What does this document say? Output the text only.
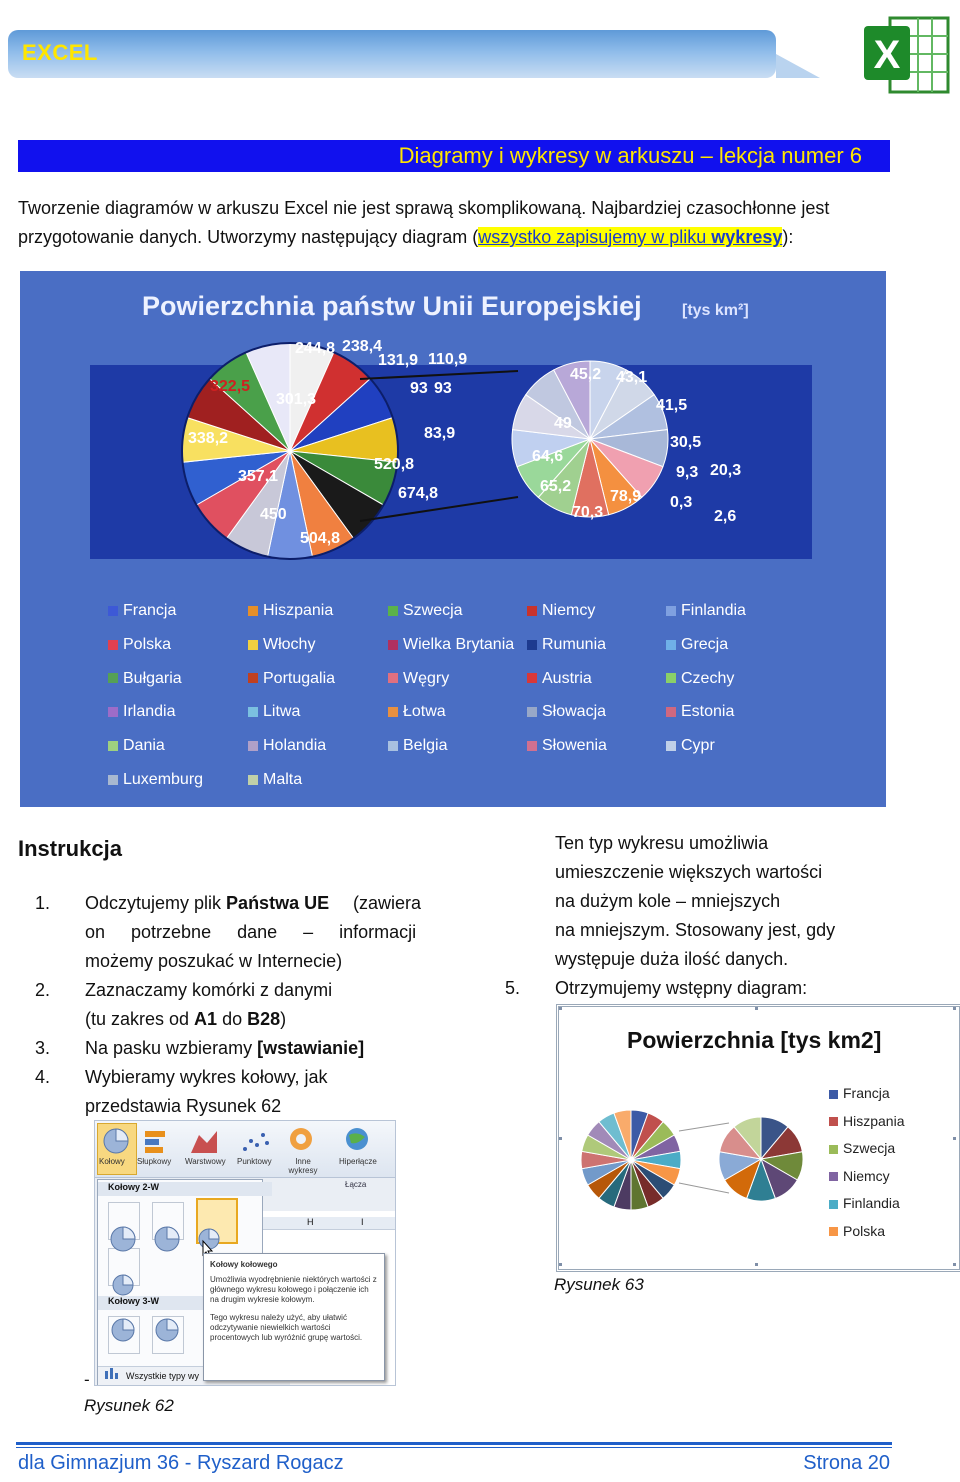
EXCEL	X
Diagramy i wykresy w arkuszu – lekcja numer 6
Tworzenie diagramów w arkuszu Excel nie jest sprawą skomplikowaną. Najbardziej czasochłonne jest
przygotowanie danych. Utworzymy następujący diagram (wszystko zapisujemy w pliku wykresy):
Powierzchnia państw Unii Europejskiej	[tys km²]
244,8 238,4
131,9 110,9
322,5
301,3
93 93
338,2	83,9
357,1
520,8
674,8
450
504,8
45,2 43,1
41,5
49
30,5
64,6
9,3 20,3
65,2
78,9 0,3
70,3	2,6
Francja	Hiszpania	Szwecja	Niemcy	Finlandia
Polska	Włochy	Wielka Brytania	Rumunia	Grecja
Bułgaria	Portugalia	Węgry	Austria	Czechy
Irlandia	Litwa	Łotwa	Słowacja	Estonia
Dania	Holandia	Belgia	Słowenia	Cypr
Luxemburg	Malta
Instrukcja
1. Odczytujemy plik Państwa UE (zawiera
on potrzebne dane – informacji
możemy poszukać w Internecie)
2. Zaznaczamy komórki z danymi
(tu zakres od A1 do B28)
3. Na pasku wzbieramy [wstawianie]
4. Wybieramy wykres kołowy, jak
przedstawia Rysunek 62
Kołowy Słupkowy Warstwowy Punktowy	Inne wykresy
Hiperłącze
Łącza
H	I
Kołowy 2-W
Kołowy 3-W
Wszystkie typy wy
Kołowy kołowego
Umożliwia wyodrębnienie niektórych wartości z głównego wykresu kołowego i połączenie ich na drugim wykresie kołowym.
Tego wykresu należy użyć, aby ułatwić odczytywanie niewielkich wartości procentowych lub wyróżnić grupę wartości.
-
Rysunek 62
Ten typ wykresu umożliwia
umieszczenie większych wartości
na dużym kole – mniejszych
na mniejszym. Stosowany jest, gdy
występuje duża ilość danych.
5. Otrzymujemy wstępny diagram:
Powierzchnia [tys km2]
Francja
Hiszpania
Szwecja
Niemcy
Finlandia
Polska
Rysunek 63
dla Gimnazjum 36 - Ryszard Rogacz	Strona 20
